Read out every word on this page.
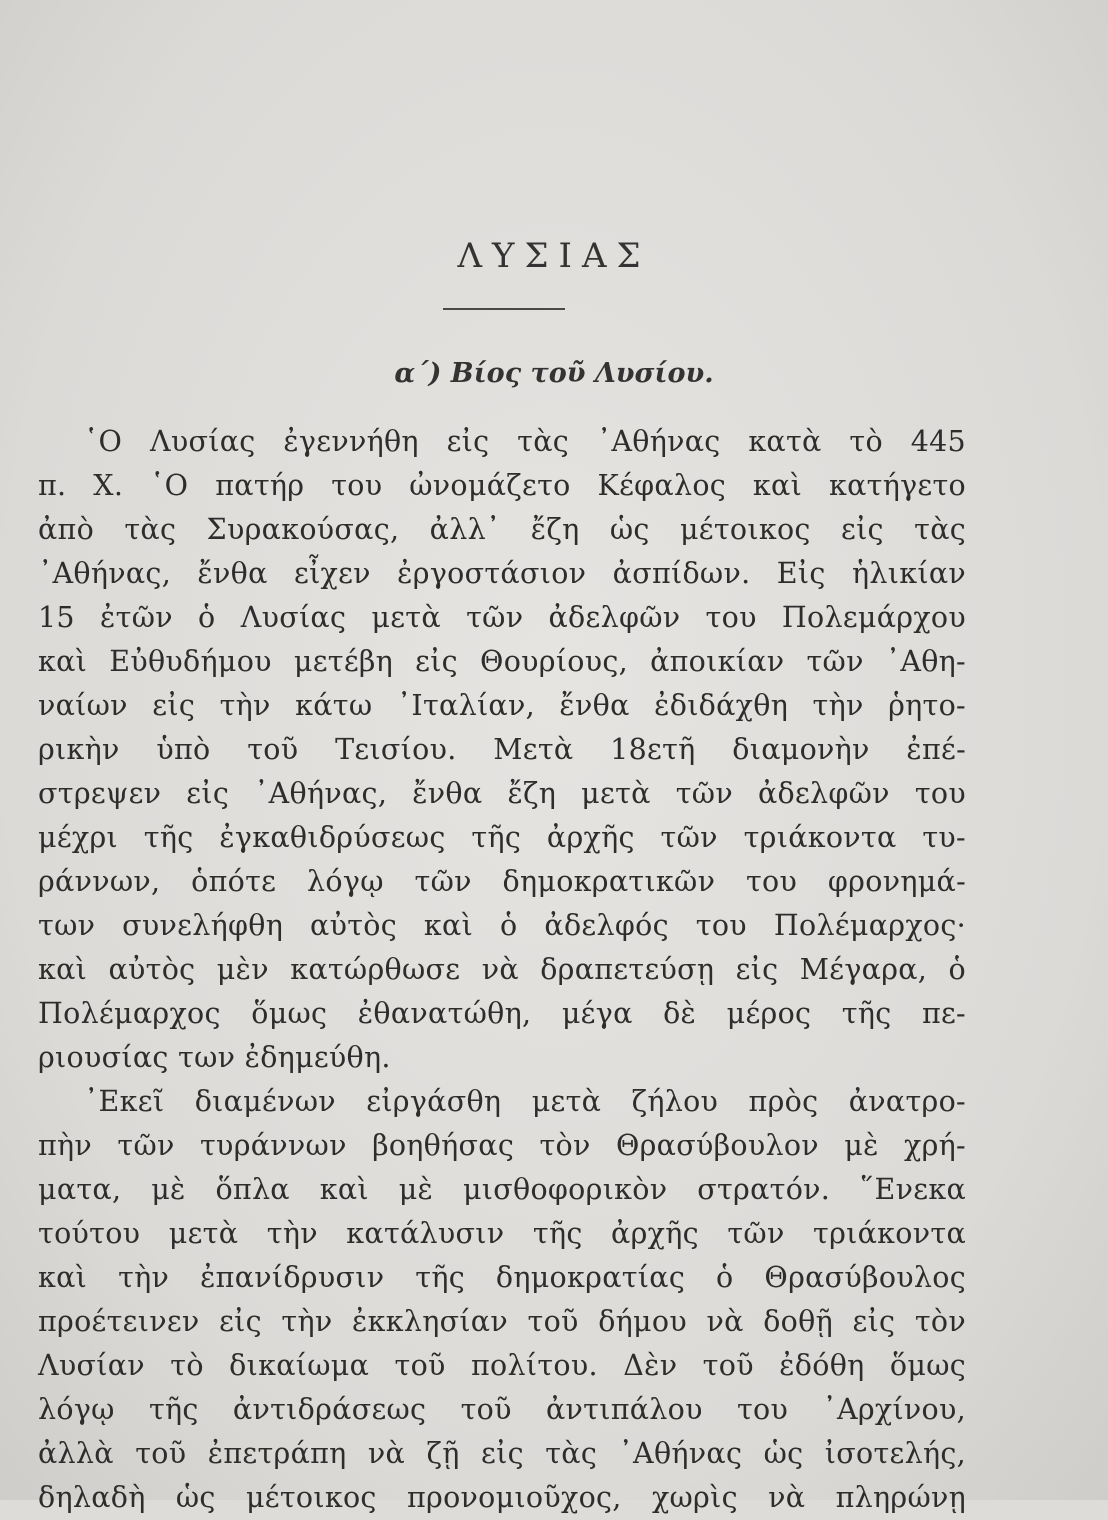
ΛΥΣΙΑΣ
α΄) Βίος τοῦ Λυσίου.
῾Ο Λυσίας ἐγεννήθη εἰς τὰς ᾿Αθήνας κατὰ τὸ 445
π. Χ. ῾Ο πατήρ του ὠνομάζετο Κέφαλος καὶ κατήγετο
ἀπὸ τὰς Συρακούσας, ἀλλ᾿ ἔζη ὡς μέτοικος εἰς τὰς
᾿Αθήνας, ἔνθα εἶχεν ἐργοστάσιον ἀσπίδων. Εἰς ἡλικίαν
15 ἐτῶν ὁ Λυσίας μετὰ τῶν ἀδελφῶν του Πολεμάρχου
καὶ Εὐθυδήμου μετέβη εἰς Θουρίους, ἀποικίαν τῶν ᾿Αθη-
ναίων εἰς τὴν κάτω ᾿Ιταλίαν, ἔνθα ἐδιδάχθη τὴν ῥητο-
ρικὴν ὑπὸ τοῦ Τεισίου. Μετὰ 18ετῆ διαμονὴν ἐπέ-
στρεψεν εἰς ᾿Αθήνας, ἔνθα ἔζη μετὰ τῶν ἀδελφῶν του
μέχρι τῆς ἐγκαθιδρύσεως τῆς ἀρχῆς τῶν τριάκοντα τυ-
ράννων, ὁπότε λόγῳ τῶν δημοκρατικῶν του φρονημά-
των συνελήφθη αὐτὸς καὶ ὁ ἀδελφός του Πολέμαρχος·
καὶ αὐτὸς μὲν κατώρθωσε νὰ δραπετεύσῃ εἰς Μέγαρα, ὁ
Πολέμαρχος ὅμως ἐθανατώθη, μέγα δὲ μέρος τῆς πε-
ριουσίας των ἐδημεύθη.
᾿Εκεῖ διαμένων εἰργάσθη μετὰ ζήλου πρὸς ἀνατρο-
πὴν τῶν τυράννων βοηθήσας τὸν Θρασύβουλον μὲ χρή-
ματα, μὲ ὅπλα καὶ μὲ μισθοφορικὸν στρατόν. ῞Ενεκα
τούτου μετὰ τὴν κατάλυσιν τῆς ἀρχῆς τῶν τριάκοντα
καὶ τὴν ἐπανίδρυσιν τῆς δημοκρατίας ὁ Θρασύβουλος
προέτεινεν εἰς τὴν ἐκκλησίαν τοῦ δήμου νὰ δοθῇ εἰς τὸν
Λυσίαν τὸ δικαίωμα τοῦ πολίτου. Δὲν τοῦ ἐδόθη ὅμως
λόγῳ τῆς ἀντιδράσεως τοῦ ἀντιπάλου του ᾿Αρχίνου,
ἀλλὰ τοῦ ἐπετράπη νὰ ζῇ εἰς τὰς ᾿Αθήνας ὡς ἰσοτελής,
δηλαδὴ ὡς μέτοικος προνομιοῦχος, χωρὶς νὰ πληρώνῃ
